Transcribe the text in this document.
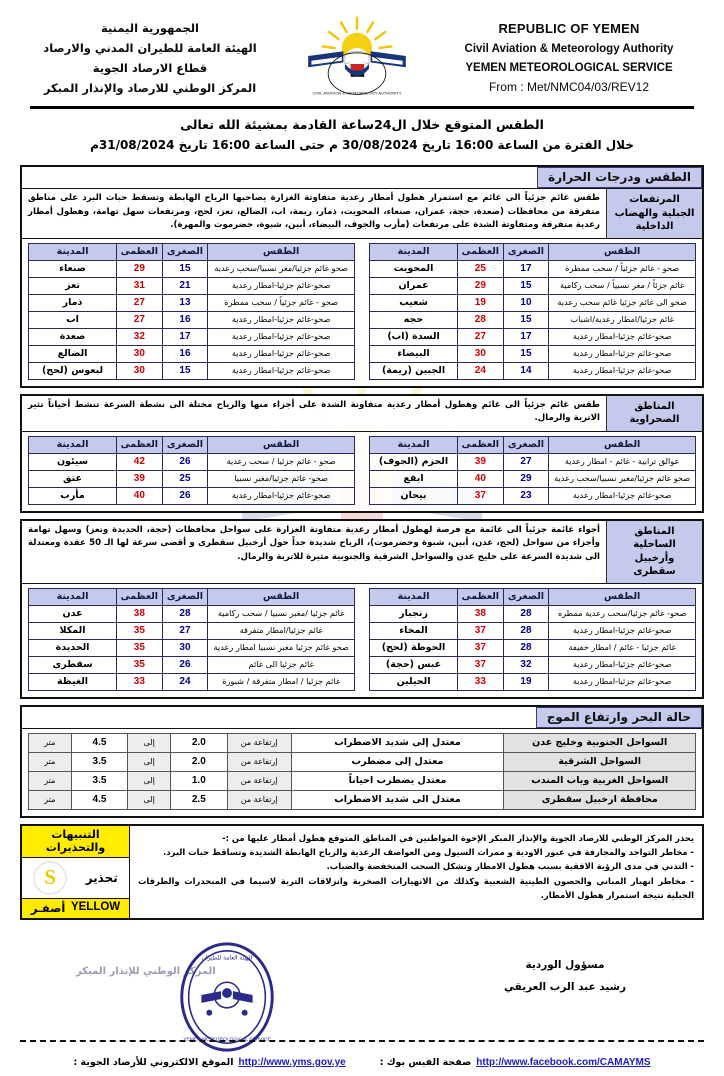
REPUBLIC OF YEMEN
Civil Aviation & Meteorology Authority
YEMEN METEOROLOGICAL SERVICE
From : Met/NMC04/03/REV12
CIVIL AVIATION & METEOROLOGY AUTHORITY
الجمهورية اليمنية
الهيئة العامة للطيران المدني والارصاد
قطاع الارصاد الجوية
المركز الوطني للارصاد والإنذار المبكر
الطقس المتوقع خلال ال24ساعة القادمة بمشيئة الله تعالى
خلال الفترة من الساعة 16:00 تاريخ 30/08/2024 م حتى الساعة 16:00 تاريخ 31/08/2024م
الطقس ودرجات الحرارة
المرتفعات الجبلية والهضاب الداخلية
طقس غائم جزئياً الى غائم مع استمرار هطول أمطار رعدية متفاوتة الغزارة يصاحبها الرياح الهابطة وتسقط حبات البرد على مناطق متفرقة من محافظات (صعدة، حجة، عمران، صنعاء، المحويت، ذمار، ريمة، اب، الضالع، تعز، لحج، ومرتفعات سهل تهامة، وهطول أمطار رعدية متفرقة ومتفاوتة الشدة على مرتفعات (مأرب والجوف، البيضاء، أبين، شبوة، حضرموت والمهرة).
الطقس	الصغرى	العظمى	المدينة
صحو - غائم جزئياً / سحب ممطرة	17	25	المحويت
غائم جزئاً / مغر نسبياً / سحب ركامية	15	29	عمران
صحو الى غائم جزئيا غائم سحب رعدية	10	19	شعيب
غائم جزئيا/امطار رعدية/اشباب	15	28	حجه
صحو-غائم جزئيا-امطار رعدية	17	27	السدة (اب)
صحو-غائم جزئيا-امطار رعدية	15	30	البيضاء
صحو-غائم جزئيا-امطار رعدية	14	24	الجبين (ريمة)
الطقس	الصغرى	العظمى	المدينة
صحو غائم جزئيا/مغر نسبيا/سحب رعدية	15	29	صنعاء
صحو-غائم جزئيا-امطار رعدية	21	31	تعز
صحو - غائم جزئياً / سحب ممطرة	13	27	ذمار
صحو-غائم جزئيا-امطار رعدية	16	27	اب
صحو-غائم جزئيا-امطار رعدية	17	32	صعدة
صحو-غائم جزئيا-امطار رعدية	16	30	الضالع
صحو-غائم جزئيا-امطار رعدية	15	30	لبعوس (لحج)
المناطق الصحراوية
طقس غائم جزئياً الى غائم وهطول أمطار رعدية متفاوتة الشدة على أجزاء منها والرياح مختلة الى نشطة السرعة تنشط أحياناً تثير الاتربة والرمال.
الطقس	الصغرى	العظمى	المدينة
عوالق ترابية - غائم - امطار رعدية	27	39	الحزم (الجوف)
صحو غائم جزئيا/مغبر نسبيا/سحب رعدية	29	40	ابقع
صحو-غائم جزئيا-امطار رعدية	23	37	بيحان
الطقس	الصغرى	العظمى	المدينة
صحو - غائم جزئيا / سحب رعدية	26	42	سيئون
صحو- غائم جزئيا/مغبر نسبيا	25	39	عتق
صحو-غائم جزئيا-امطار رعدية	26	40	مأرب
المناطق الساحلية وأرخبيل سقطرى
أجواء غائمة جزئياً الى غائمة مع فرصة لهطول أمطار رعدية متفاوتة الغزارة على سواحل محافظات (حجة، الحديدة وتعز) وسهل تهامة وأجزاء من سواحل (لحج، عدن، أبين، شبوة وحضرموت)، الرياح شديدة جداً حول أرخبيل سقطرى و أقصى سرعة لها الـ 50 عقدة ومعتدلة الى شديدة السرعة على خليج عدن والسواحل الشرقية والجنوبية مثيرة للاتربة والرمال.
الطقس	الصغرى	العظمى	المدينة
صحو- غائم جزئيا/سحب رعدية ممطره	28	38	زنجبار
صحو-غائم جزئيا-امطار رعدية	28	37	المخاء
غائم جزئيا - غائم / امطار خفيفة	28	37	الحوطة (لحج)
صحو-غائم جزئيا-امطار رعدية	32	37	عبس (حجة)
صحو-غائم جزئيا-امطار رعدية	19	33	الحيلين
الطقس	الصغرى	العظمى	المدينة
غائم جزئيا /مغبر نسبيا / سحب ركامية	28	38	عدن
غائم جزئيا/امطار متفرقة	27	35	المكلا
صحو غائم جزئيا مغبر نسبيا امطار رعدية	30	35	الحديدة
غائم جزئيا الى غائم	26	35	سقطرى
غائم جزئيا / امطار متفرقة / شبورة	24	33	الغيظة
حالة البحر وارتفاع الموج
السواحل الجنوبية وخليج عدن	معتدل إلى شديد الاضطراب	إرتفاعة من	2.0	إلى	4.5	متر
السواحل الشرقية	معتدل إلى مضطرب	إرتفاعة من	2.0	إلى	3.5	متر
السواحل الغربية وباب المندب	معتدل يضطرب احياناً	إرتفاعة من	1.0	إلى	3.5	متر
محافظة ارخبيل سقطرى	معتدل الى شديد الاضطراب	إرتفاعة من	2.5	إلى	4.5	متر
يحذر المركز الوطني للارصاد الجوية والإنذار المبكر الإخوة المواطنين في المناطق المتوقع هطول أمطار عليها من :-
- مخاطر التواجد والمجازفة في عبور الاودية و ممرات السيول ومن العواصف الرعدية والرياح الهابطة الشديدة وتساقط حبات البرد.
- التدني في مدى الرؤية الافقية بسبب هطول الامطار وتشكل السحب المنخفضة والضباب.
- مخاطر انهيار المباني والحصون الطينية الشعبية وكذلك من الانهيارات الصخرية وانزلاقات التربة لاسيما في المنحدرات والطرقات الجبلية نتيجة استمرار هطول الأمطار.
التنبيهات والتحذيرات
تحذير
S
YELLOW
أصفـر
مسؤول الوردية
رشيد عبد الرب العريقي
المركز الوطني للإنذار المبكر
الهيئة العامة للطيران
YEMEN METEOROLOGICAL SERVICE
http://www.facebook.com/CAMAYMS
صفحة الفيس بوك :
http://www.yms.gov.ye
الموقع الالكتروني للأرصاد الجوية :
